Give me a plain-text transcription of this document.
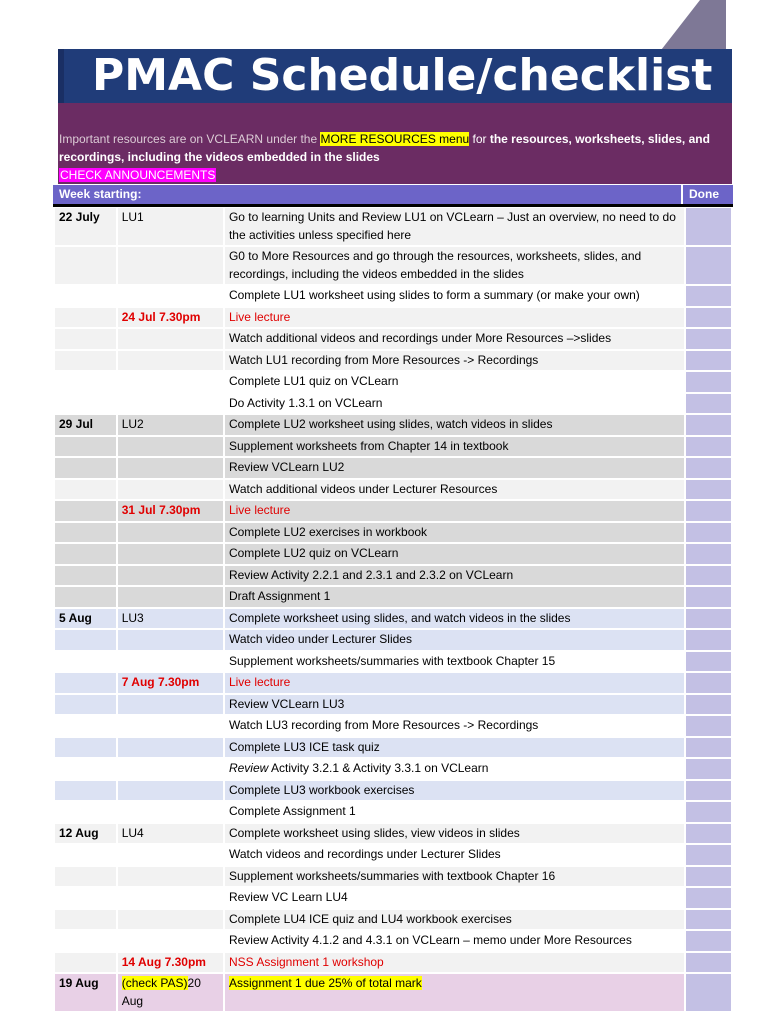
PMAC Schedule/checklist
Important resources are on VCLEARN under the MORE RESOURCES menu for the resources, worksheets, slides, and recordings, including the videos embedded in the slides
CHECK ANNOUNCEMENTS
Week starting:	Done
22 July	LU1	Go to learning Units and Review LU1 on VCLearn – Just an overview, no need to do the activities unless specified here	
		G0 to More Resources and go through the resources, worksheets, slides, and recordings, including the videos embedded in the slides	
		Complete LU1 worksheet using slides to form a summary (or make your own)	
	24 Jul 7.30pm	Live lecture	
		Watch additional videos and recordings under More Resources –>slides	
		Watch LU1 recording from More Resources -> Recordings	
		Complete LU1 quiz on VCLearn	
		Do Activity 1.3.1 on VCLearn	
29 Jul	LU2	Complete LU2 worksheet using slides, watch videos in slides	
		Supplement worksheets from Chapter 14 in textbook	
		Review VCLearn LU2	
		Watch additional videos under Lecturer Resources	
	31 Jul 7.30pm	Live lecture	
		Complete LU2 exercises in workbook	
		Complete LU2 quiz on VCLearn	
		Review Activity 2.2.1 and 2.3.1 and 2.3.2 on VCLearn	
		Draft Assignment 1	
5 Aug	LU3	Complete worksheet using slides, and watch videos in the slides	
		Watch video under Lecturer Slides	
		Supplement worksheets/summaries with textbook Chapter 15	
	7 Aug 7.30pm	Live lecture	
		Review VCLearn LU3	
		Watch LU3 recording from More Resources -> Recordings	
		Complete LU3 ICE task quiz	
		Review Activity 3.2.1 & Activity 3.3.1 on VCLearn	
		Complete LU3 workbook exercises	
		Complete Assignment 1	
12 Aug	LU4	Complete worksheet using slides, view videos in slides	
		Watch videos and recordings under Lecturer Slides	
		Supplement worksheets/summaries with textbook Chapter 16	
		Review VC Learn LU4	
		Complete LU4 ICE quiz and LU4 workbook exercises	
		Review Activity 4.1.2 and 4.3.1 on VCLearn – memo under More Resources	
	14 Aug 7.30pm	NSS Assignment 1 workshop	
19 Aug	(check PAS)20 Aug	Assignment 1 due 25% of total mark	
